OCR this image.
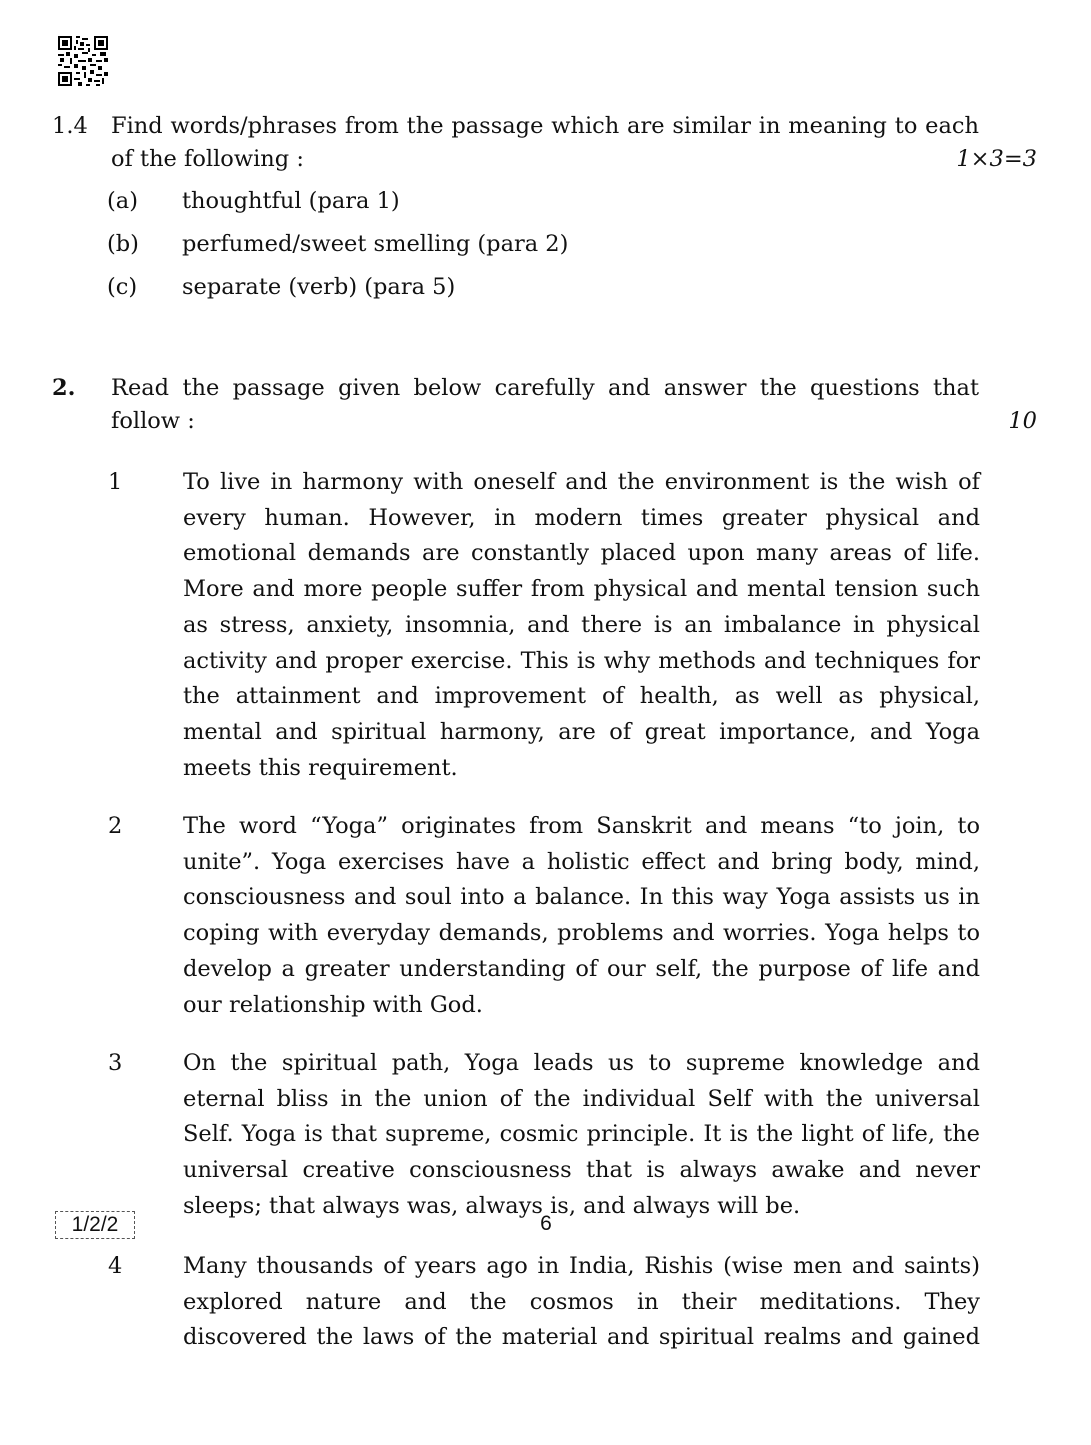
1.4	Find words/phrases from the passage which are similar in meaning to each
of the following :	1×3=3
(a)	thoughtful (para 1)
(b)	perfumed/sweet smelling (para 2)
(c)	separate (verb) (para 5)
2.	Read the passage given below carefully and answer the questions that
follow :	10
1	To live in harmony with oneself and the environment is the wish of every human. However, in modern times greater physical and emotional demands are constantly placed upon many areas of life. More and more people suffer from physical and mental tension such as stress, anxiety, insomnia, and there is an imbalance in physical activity and proper exercise. This is why methods and techniques for the attainment and improvement of health, as well as physical, mental and spiritual harmony, are of great importance, and Yoga meets this requirement.

2	The word “Yoga” originates from Sanskrit and means “to join, to unite”. Yoga exercises have a holistic effect and bring body, mind, consciousness and soul into a balance. In this way Yoga assists us in coping with everyday demands, problems and worries. Yoga helps to develop a greater understanding of our self, the purpose of life and our relationship with God.

3	On the spiritual path, Yoga leads us to supreme knowledge and eternal bliss in the union of the individual Self with the universal Self. Yoga is that supreme, cosmic principle. It is the light of life, the universal creative consciousness that is always awake and never sleeps; that always was, always is, and always will be.

4	Many thousands of years ago in India, Rishis (wise men and saints) explored nature and the cosmos in their meditations. They discovered the laws of the material and spiritual realms and gained

1/2/2	6
